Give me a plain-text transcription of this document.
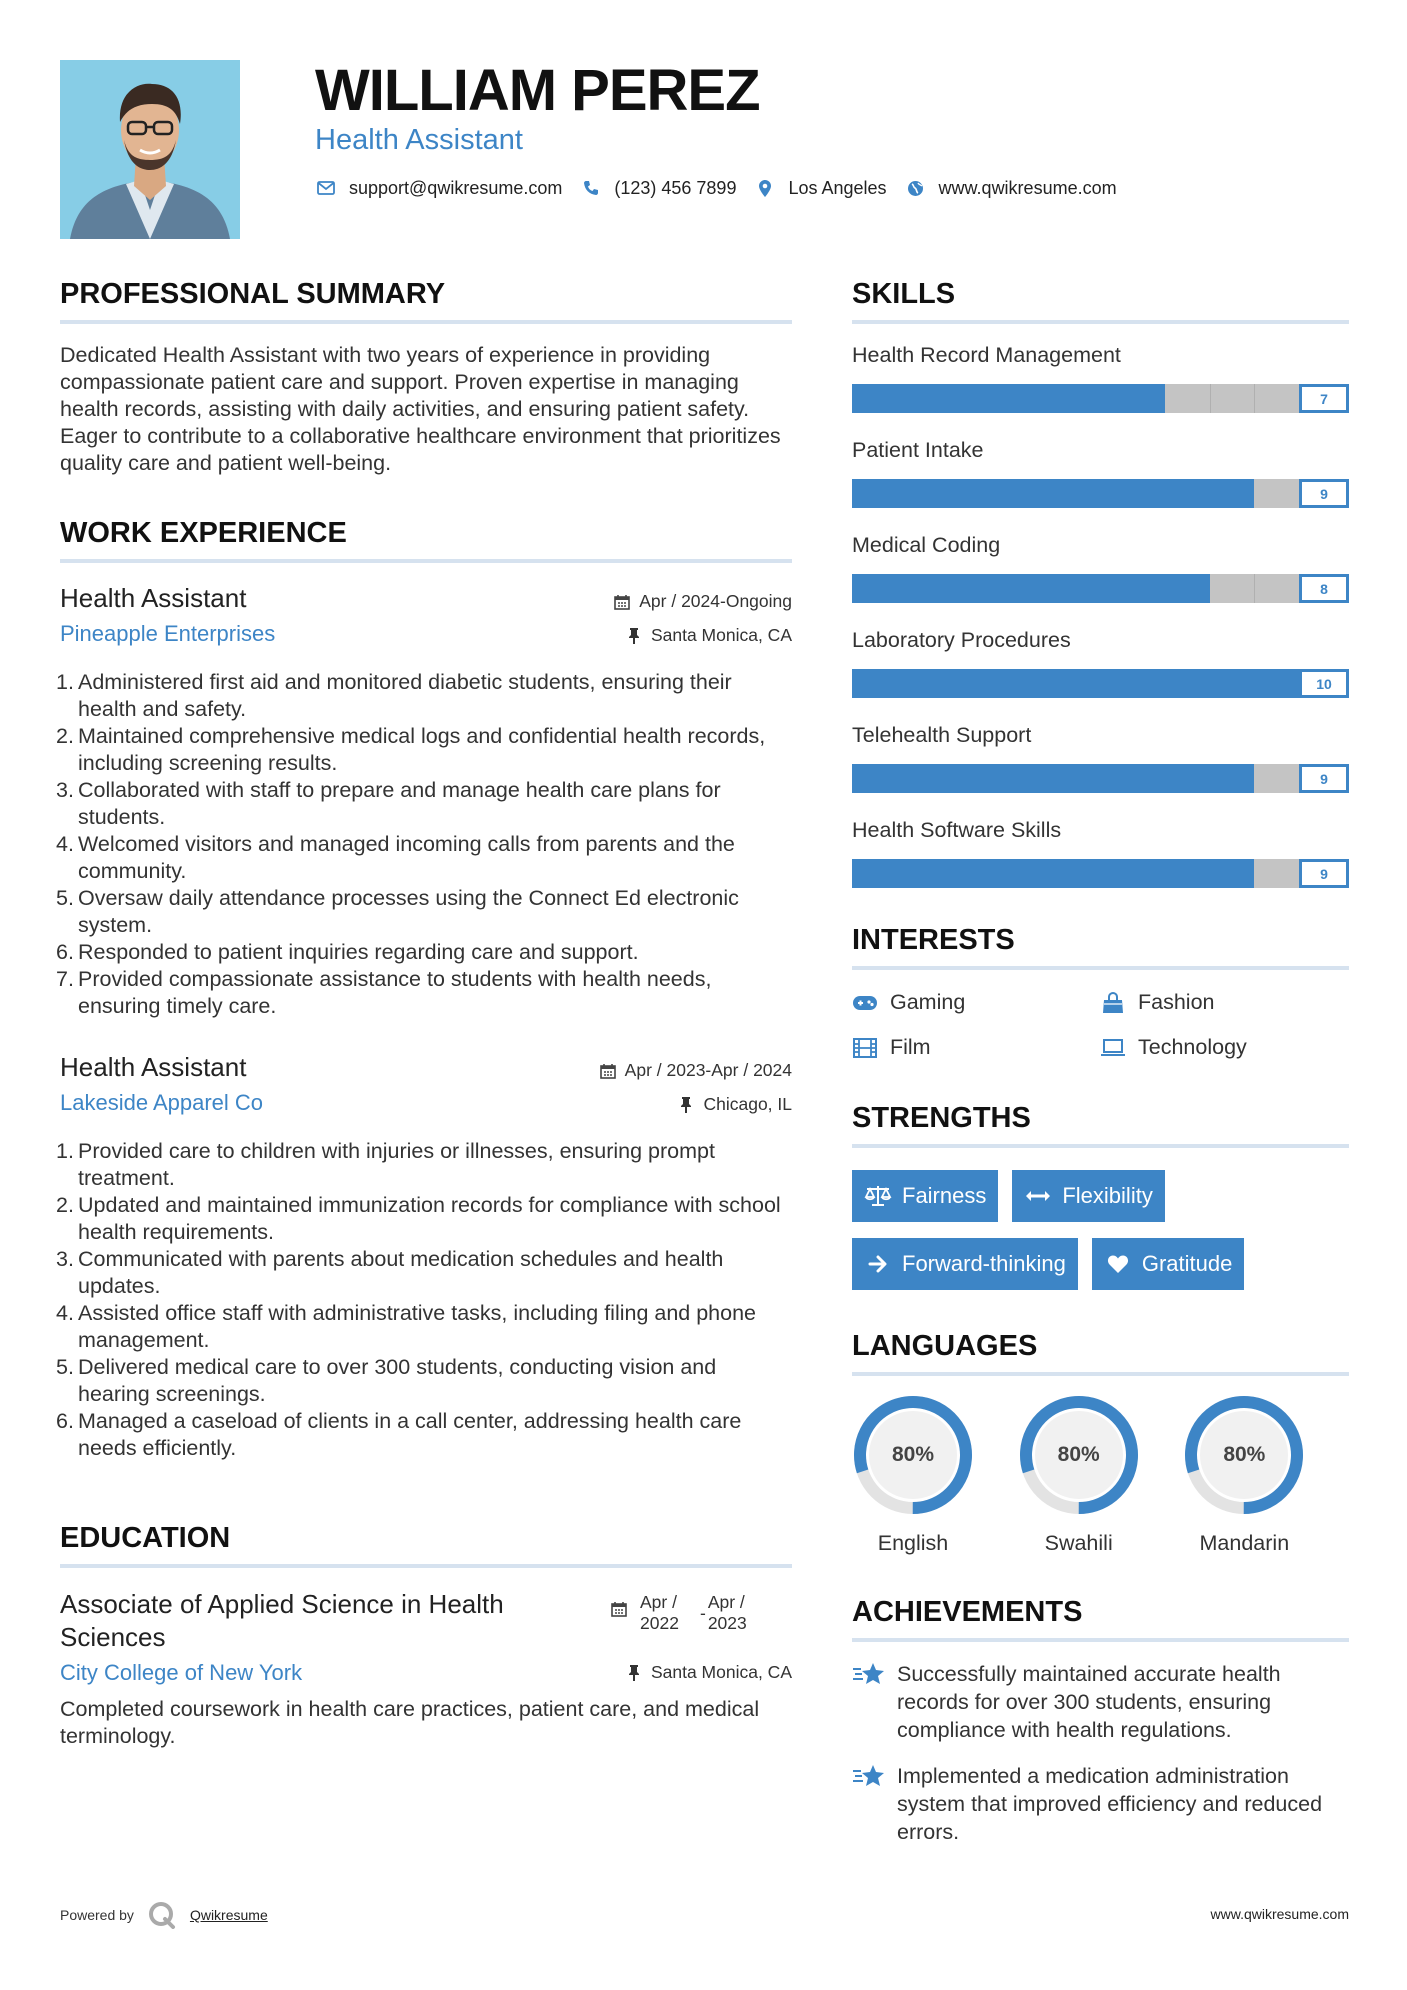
WILLIAM PEREZ
Health Assistant
support@qwikresume.com	(123) 456 7899	Los Angeles	www.qwikresume.com
PROFESSIONAL SUMMARY
Dedicated Health Assistant with two years of experience in providing compassionate patient care and support. Proven expertise in managing health records, assisting with daily activities, and ensuring patient safety. Eager to contribute to a collaborative healthcare environment that prioritizes quality care and patient well-being.
WORK EXPERIENCE
Health Assistant
Pineapple Enterprises
Apr / 2024-Ongoing
Santa Monica, CA
1. Administered first aid and monitored diabetic students, ensuring their health and safety.
2. Maintained comprehensive medical logs and confidential health records, including screening results.
3. Collaborated with staff to prepare and manage health care plans for students.
4. Welcomed visitors and managed incoming calls from parents and the community.
5. Oversaw daily attendance processes using the Connect Ed electronic system.
6. Responded to patient inquiries regarding care and support.
7. Provided compassionate assistance to students with health needs, ensuring timely care.
Health Assistant
Lakeside Apparel Co
Apr / 2023-Apr / 2024
Chicago, IL
1. Provided care to children with injuries or illnesses, ensuring prompt treatment.
2. Updated and maintained immunization records for compliance with school health requirements.
3. Communicated with parents about medication schedules and health updates.
4. Assisted office staff with administrative tasks, including filing and phone management.
5. Delivered medical care to over 300 students, conducting vision and hearing screenings.
6. Managed a caseload of clients in a call center, addressing health care needs efficiently.
EDUCATION
Associate of Applied Science in Health Sciences
Apr / 2022
-
Apr / 2023
City College of New York	Santa Monica, CA
Completed coursework in health care practices, patient care, and medical terminology.
SKILLS
Health Record Management
7
Patient Intake
9
Medical Coding
8
Laboratory Procedures
10
Telehealth Support
9
Health Software Skills
9
INTERESTS
Gaming	Fashion
Film	Technology
STRENGTHS
Fairness	Flexibility
Forward-thinking	Gratitude
LANGUAGES
80%
English
80%
Swahili
80%
Mandarin
ACHIEVEMENTS
Successfully maintained accurate health records for over 300 students, ensuring compliance with health regulations.
Implemented a medication administration system that improved efficiency and reduced errors.
Powered by	Qwikresume	www.qwikresume.com
